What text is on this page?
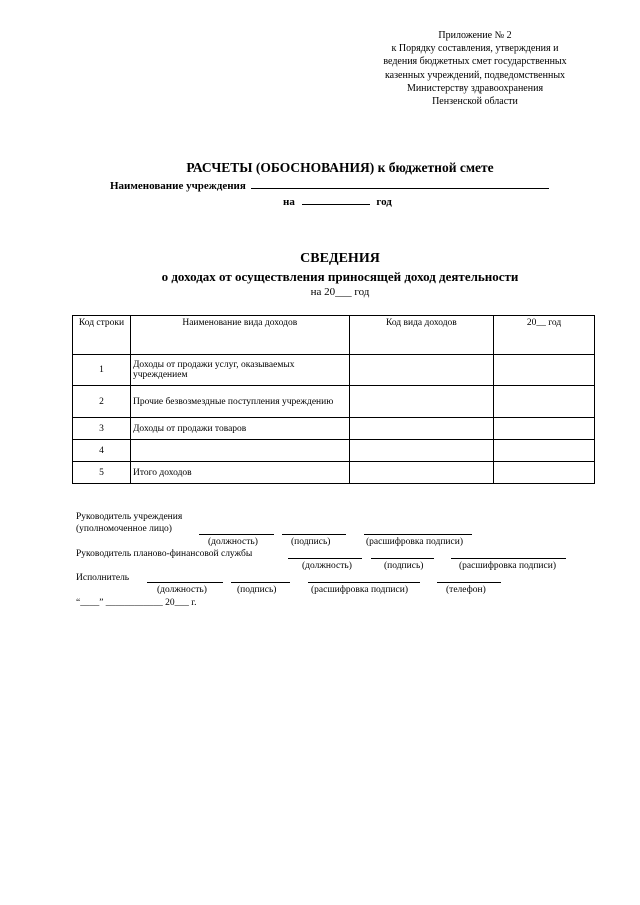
Приложение № 2
к Порядку составления, утверждения и
ведения бюджетных смет государственных
казенных учреждений, подведомственных
Министерству здравоохранения
Пензенской области
РАСЧЕТЫ (ОБОСНОВАНИЯ) к бюджетной смете
Наименование учреждения
на	год
СВЕДЕНИЯ
о доходах от осуществления приносящей доход деятельности
на 20___ год
Код строки	Наименование вида доходов	Код вида доходов	20__ год
1	Доходы от продажи услуг, оказываемых учреждением		
2	Прочие безвозмездные поступления учреждению		
3	Доходы от продажи товаров		
4			
5	Итого доходов		
Руководитель учреждения
(уполномоченное лицо)
(должность)	(подпись)	(расшифровка подписи)
Руководитель планово-финансовой службы
(должность)	(подпись)	(расшифровка подписи)
Исполнитель
(должность)	(подпись)	(расшифровка подписи)	(телефон)
“____” ____________ 20___ г.
